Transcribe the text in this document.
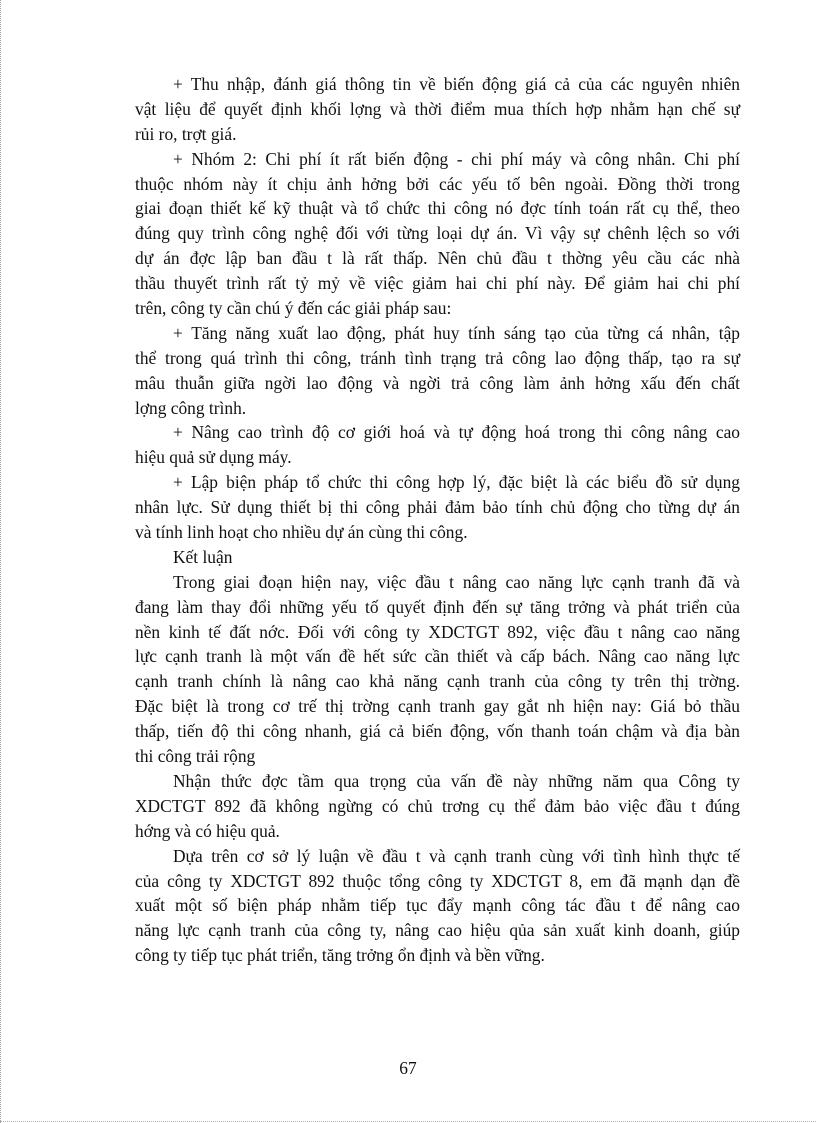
+ Thu nhập, đánh giá thông tin về biến động giá cả của các nguyên nhiên
vật liệu để quyết định khối lợng và thời điểm mua thích hợp nhằm hạn chế sự
rủi ro, trợt giá.
+ Nhóm 2: Chi phí ít rất biến động - chi phí máy và công nhân. Chi phí
thuộc nhóm này ít chịu ảnh hởng bởi các yếu tố bên ngoài. Đồng thời trong
giai đoạn thiết kế kỹ thuật và tổ chức thi công nó đợc tính toán rất cụ thể, theo
đúng quy trình công nghệ đối với từng loại dự án. Vì vậy sự chênh lệch so với
dự án đợc lập ban đầu t là rất thấp. Nên chủ đầu t thờng yêu cầu các nhà
thầu thuyết trình rất tỷ mỷ về việc giảm hai chi phí này. Để giảm hai chi phí
trên, công ty cần chú ý đến các giải pháp sau:
+ Tăng năng xuất lao động, phát huy tính sáng tạo của từng cá nhân, tập
thể trong quá trình thi công, tránh tình trạng trả công lao động thấp, tạo ra sự
mâu thuẫn giữa ngời lao động và ngời trả công làm ảnh hởng xấu đến chất
lợng công trình.
+ Nâng cao trình độ cơ giới hoá và tự động hoá trong thi công nâng cao
hiệu quả sử dụng máy.
+ Lập biện pháp tổ chức thi công hợp lý, đặc biệt là các biểu đồ sử dụng
nhân lực. Sử dụng thiết bị thi công phải đảm bảo tính chủ động cho từng dự án
và tính linh hoạt cho nhiều dự án cùng thi công.
Kết luận
Trong giai đoạn hiện nay, việc đầu t nâng cao năng lực cạnh tranh đã và
đang làm thay đổi những yếu tố quyết định đến sự tăng trởng và phát triển của
nền kinh tế đất nớc. Đối với công ty XDCTGT 892, việc đầu t nâng cao năng
lực cạnh tranh là một vấn đề hết sức cần thiết và cấp bách. Nâng cao năng lực
cạnh tranh chính là nâng cao khả năng cạnh tranh của công ty trên thị trờng.
Đặc biệt là trong cơ trế thị trờng cạnh tranh gay gắt nh hiện nay: Giá bỏ thầu
thấp, tiến độ thi công nhanh, giá cả biến động, vốn thanh toán chậm và địa bàn
thi công trải rộng
Nhận thức đợc tầm qua trọng của vấn đề này những năm qua Công ty
XDCTGT 892 đã không ngừng có chủ trơng cụ thể đảm bảo việc đầu t đúng
hớng và có hiệu quả.
Dựa trên cơ sở lý luận về đầu t và cạnh tranh cùng với tình hình thực tế
của công ty XDCTGT 892 thuộc tổng công ty XDCTGT 8, em đã mạnh dạn đề
xuất một số biện pháp nhằm tiếp tục đẩy mạnh công tác đầu t để nâng cao
năng lực cạnh tranh của công ty, nâng cao hiệu qủa sản xuất kinh doanh, giúp
công ty tiếp tục phát triển, tăng trởng ổn định và bền vững.
67
